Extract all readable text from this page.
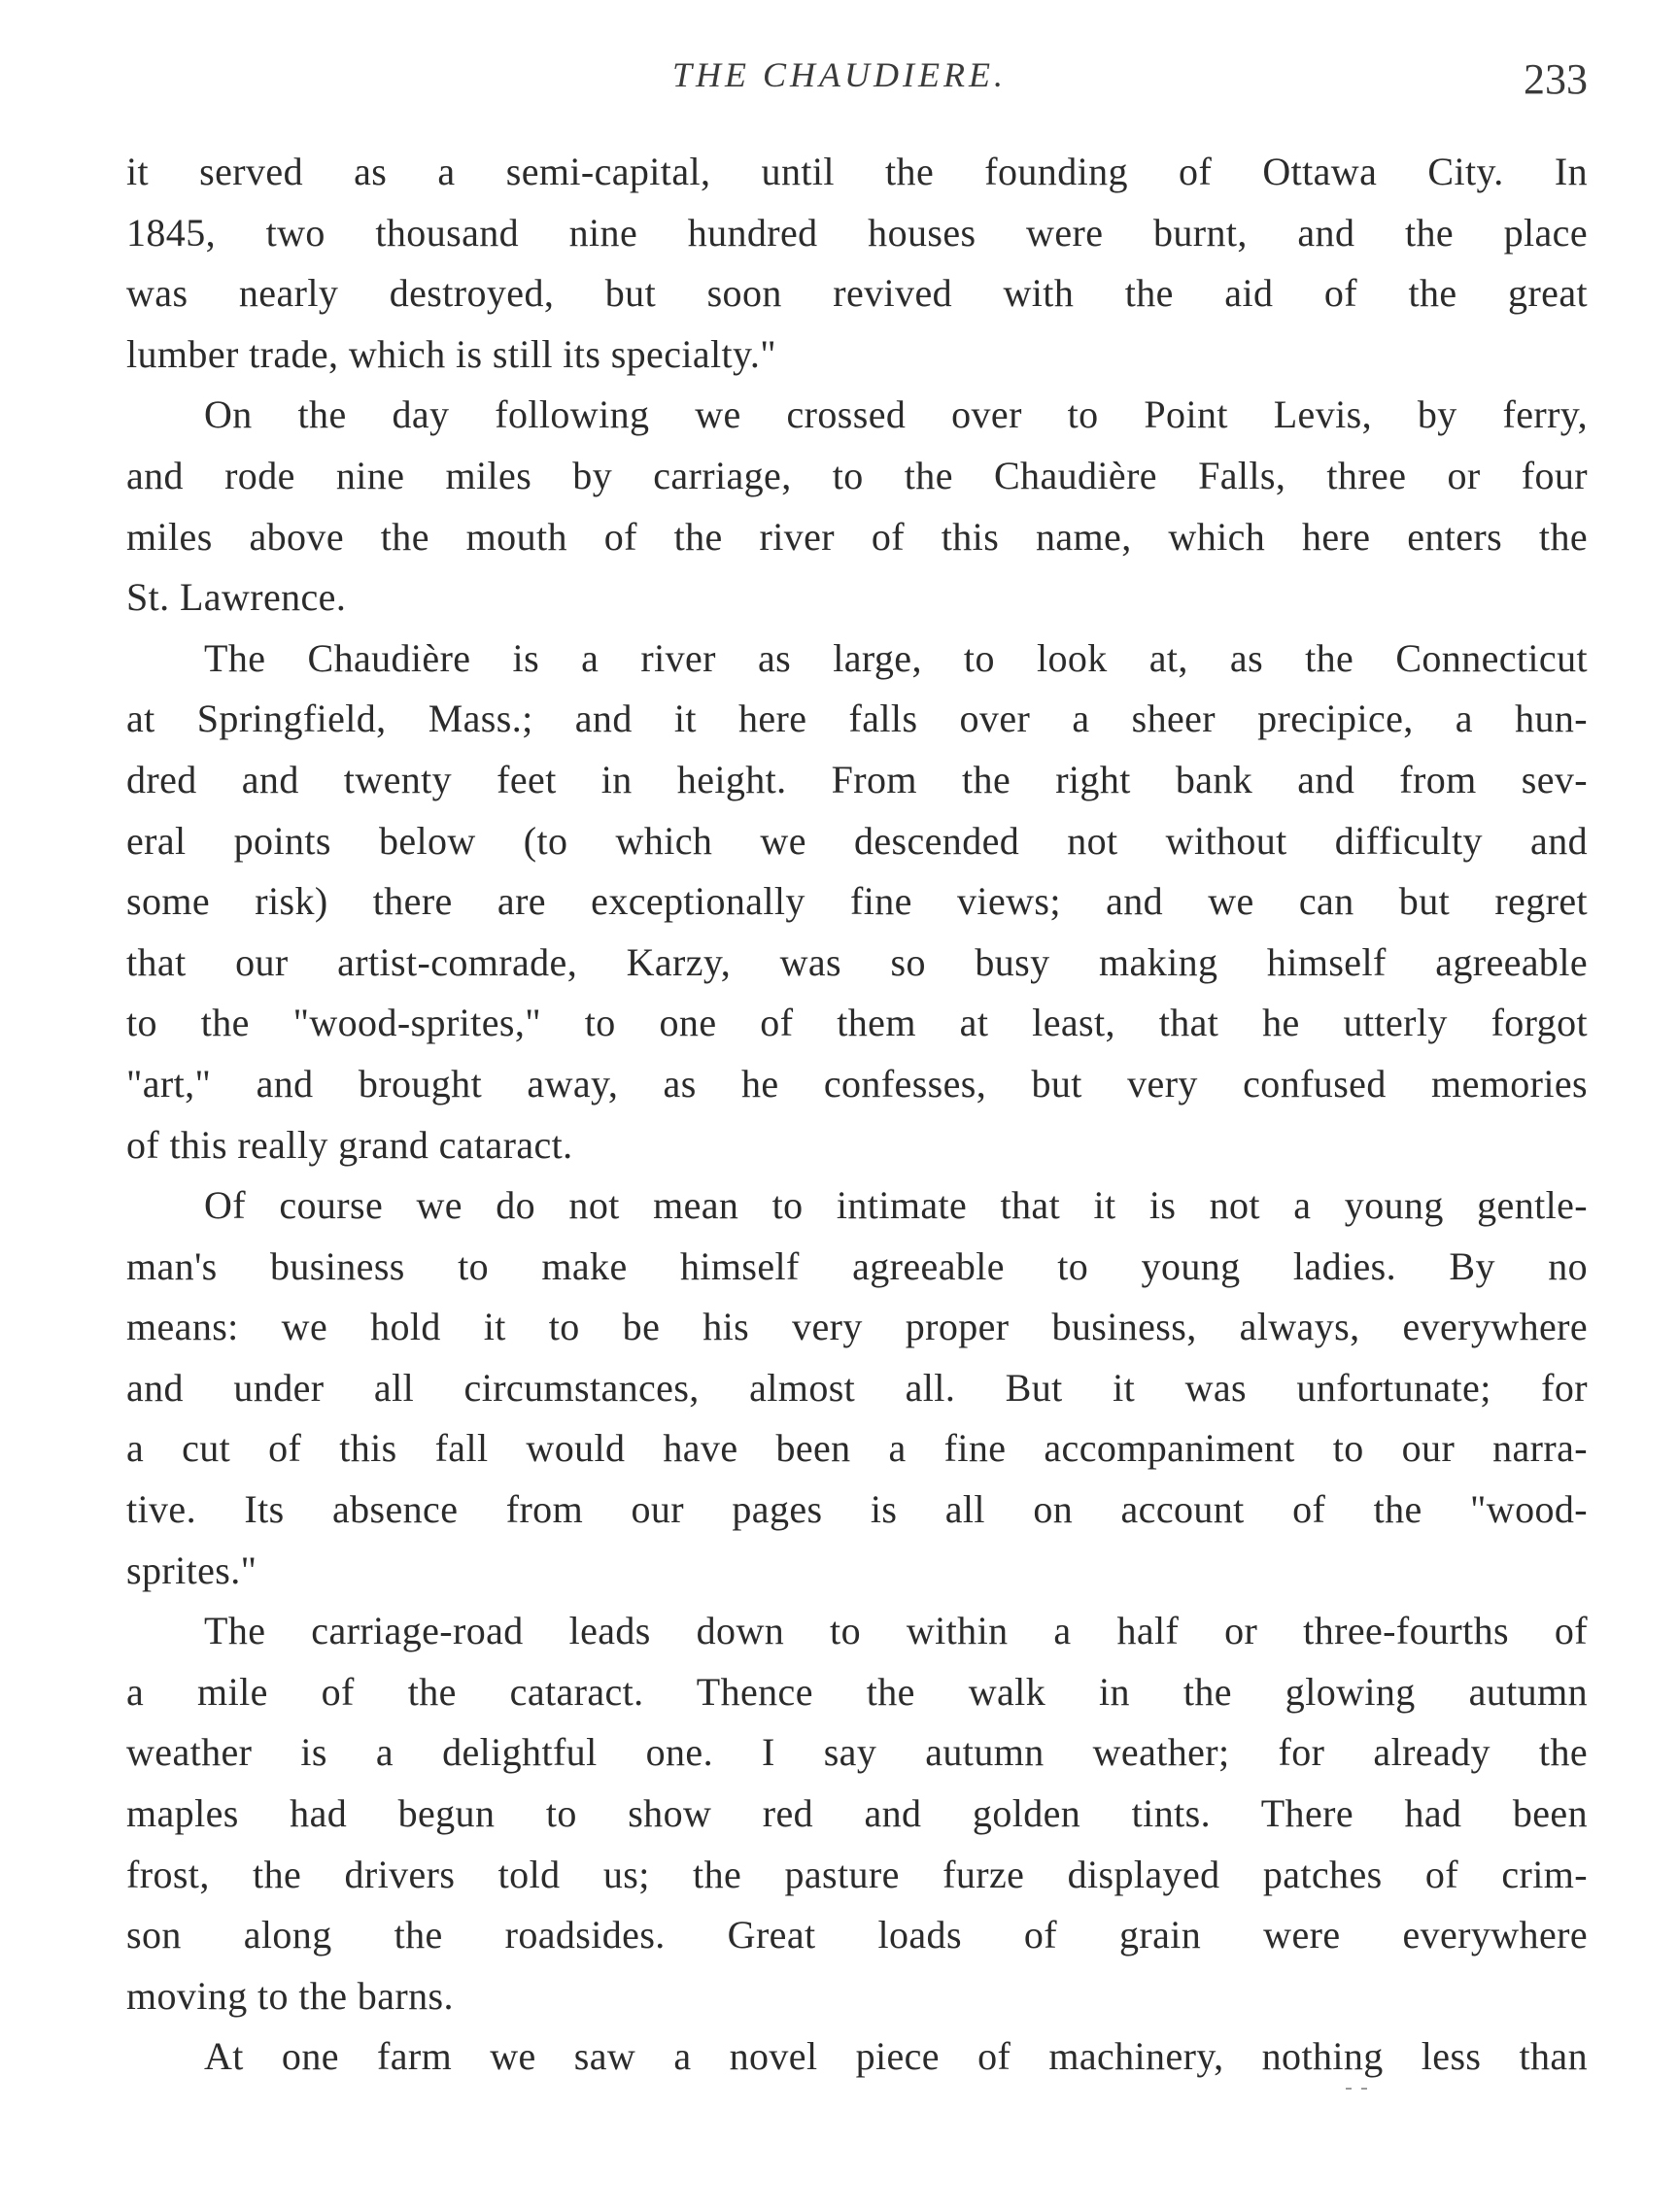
THE CHAUDIERE.	233
it served as a semi-capital, until the founding of Ottawa City. In
1845, two thousand nine hundred houses were burnt, and the place
was nearly destroyed, but soon revived with the aid of the great
lumber trade, which is still its specialty."
On the day following we crossed over to Point Levis, by ferry,
and rode nine miles by carriage, to the Chaudière Falls, three or four
miles above the mouth of the river of this name, which here enters the
St. Lawrence.
The Chaudière is a river as large, to look at, as the Connecticut
at Springfield, Mass.; and it here falls over a sheer precipice, a hun-
dred and twenty feet in height. From the right bank and from sev-
eral points below (to which we descended not without difficulty and
some risk) there are exceptionally fine views; and we can but regret
that our artist-comrade, Karzy, was so busy making himself agreeable
to the "wood-sprites," to one of them at least, that he utterly forgot
"art," and brought away, as he confesses, but very confused memories
of this really grand cataract.
Of course we do not mean to intimate that it is not a young gentle-
man's business to make himself agreeable to young ladies. By no
means: we hold it to be his very proper business, always, everywhere
and under all circumstances, almost all. But it was unfortunate; for
a cut of this fall would have been a fine accompaniment to our narra-
tive. Its absence from our pages is all on account of the "wood-
sprites."
The carriage-road leads down to within a half or three-fourths of
a mile of the cataract. Thence the walk in the glowing autumn
weather is a delightful one. I say autumn weather; for already the
maples had begun to show red and golden tints. There had been
frost, the drivers told us; the pasture furze displayed patches of crim-
son along the roadsides. Great loads of grain were everywhere
moving to the barns.
At one farm we saw a novel piece of machinery, nothing less than
